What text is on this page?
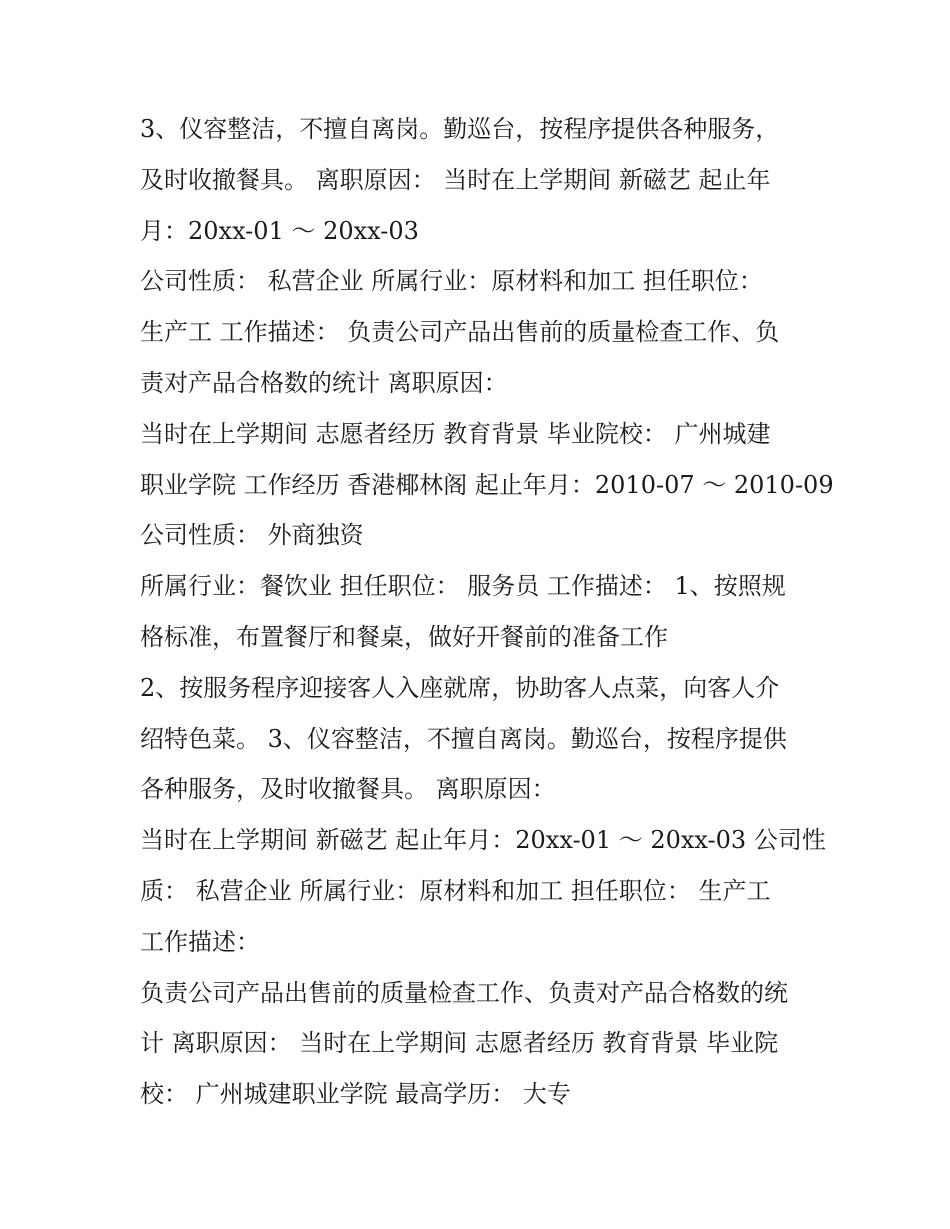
3、仪容整洁，不擅自离岗。勤巡台，按程序提供各种服务，

及时收撤餐具。 离职原因： 当时在上学期间 新磁艺 起止年

月：20xx-01 ～ 20xx-03

公司性质： 私营企业 所属行业：原材料和加工 担任职位：

生产工 工作描述： 负责公司产品出售前的质量检查工作、负

责对产品合格数的统计 离职原因：

当时在上学期间 志愿者经历 教育背景 毕业院校： 广州城建

职业学院 工作经历 香港椰林阁 起止年月：2010-07 ～ 2010-09

公司性质： 外商独资

所属行业：餐饮业 担任职位： 服务员 工作描述： 1、按照规

格标准，布置餐厅和餐桌，做好开餐前的准备工作

2、按服务程序迎接客人入座就席，协助客人点菜，向客人介

绍特色菜。 3、仪容整洁，不擅自离岗。勤巡台，按程序提供

各种服务，及时收撤餐具。 离职原因：

当时在上学期间 新磁艺 起止年月：20xx-01 ～ 20xx-03 公司性

质： 私营企业 所属行业：原材料和加工 担任职位： 生产工

工作描述：

负责公司产品出售前的质量检查工作、负责对产品合格数的统

计 离职原因： 当时在上学期间 志愿者经历 教育背景 毕业院

校： 广州城建职业学院 最高学历： 大专
